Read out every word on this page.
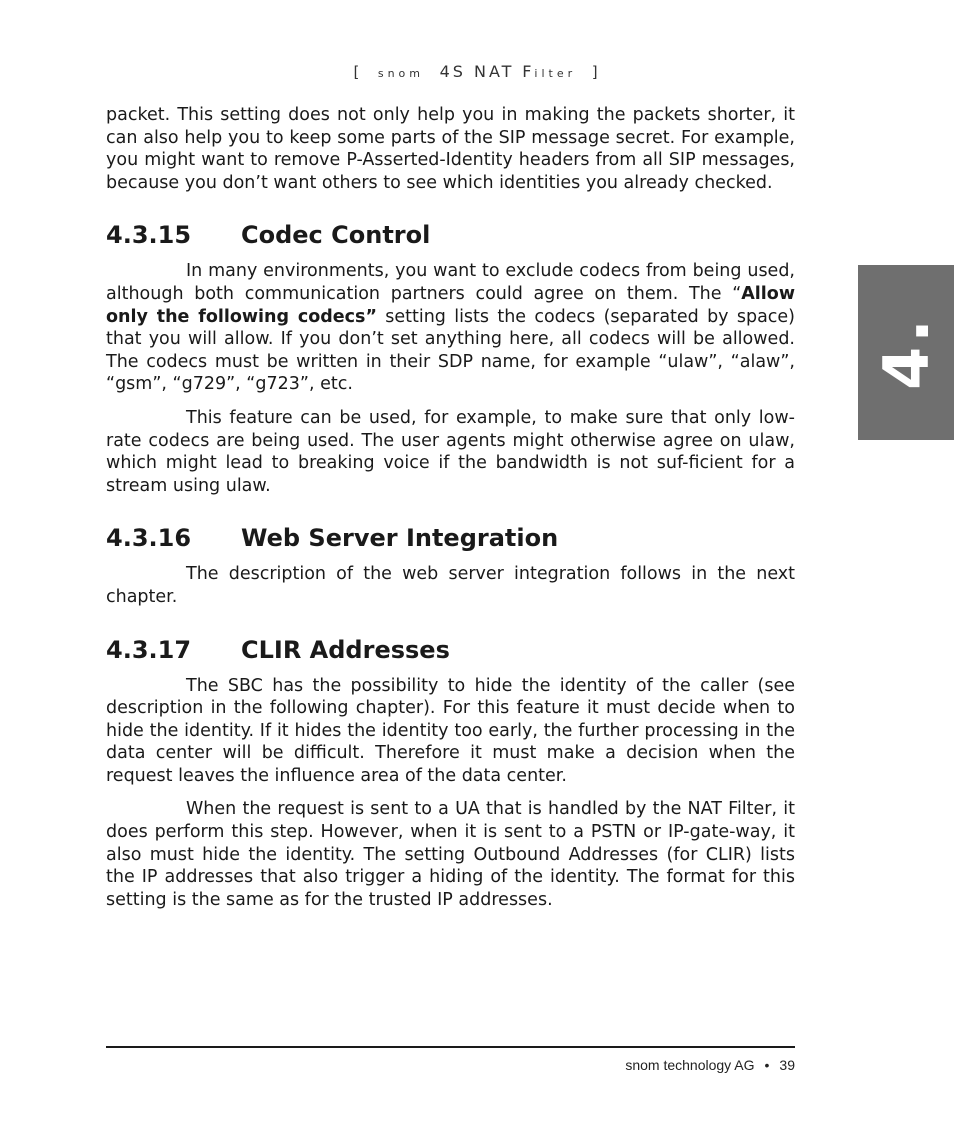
[ snom 4S NAT Filter ]
4.

packet. This setting does not only help you in making the packets shorter, it can also help you to keep some parts of the SIP message secret. For example, you might want to remove P-Asserted-Identity headers from all SIP messages, because you don’t want others to see which identities you already checked.

4.3.15 Codec Control

In many environments, you want to exclude codecs from being used, although both communication partners could agree on them. The “Allow only the following codecs” setting lists the codecs (separated by space) that you will allow. If you don’t set anything here, all codecs will be allowed. The codecs must be written in their SDP name, for example “ulaw”, “alaw”, “gsm”, “g729”, “g723”, etc.

This feature can be used, for example, to make sure that only low-rate codecs are being used. The user agents might otherwise agree on ulaw, which might lead to breaking voice if the bandwidth is not suf-ficient for a stream using ulaw.

4.3.16 Web Server Integration

The description of the web server integration follows in the next chapter.

4.3.17 CLIR Addresses

The SBC has the possibility to hide the identity of the caller (see description in the following chapter). For this feature it must decide when to hide the identity. If it hides the identity too early, the further processing in the data center will be difficult. Therefore it must make a decision when the request leaves the influence area of the data center.

When the request is sent to a UA that is handled by the NAT Filter, it does perform this step. However, when it is sent to a PSTN or IP-gate-way, it also must hide the identity. The setting Outbound Addresses (for CLIR) lists the IP addresses that also trigger a hiding of the identity. The format for this setting is the same as for the trusted IP addresses.

snom technology AG • 39
